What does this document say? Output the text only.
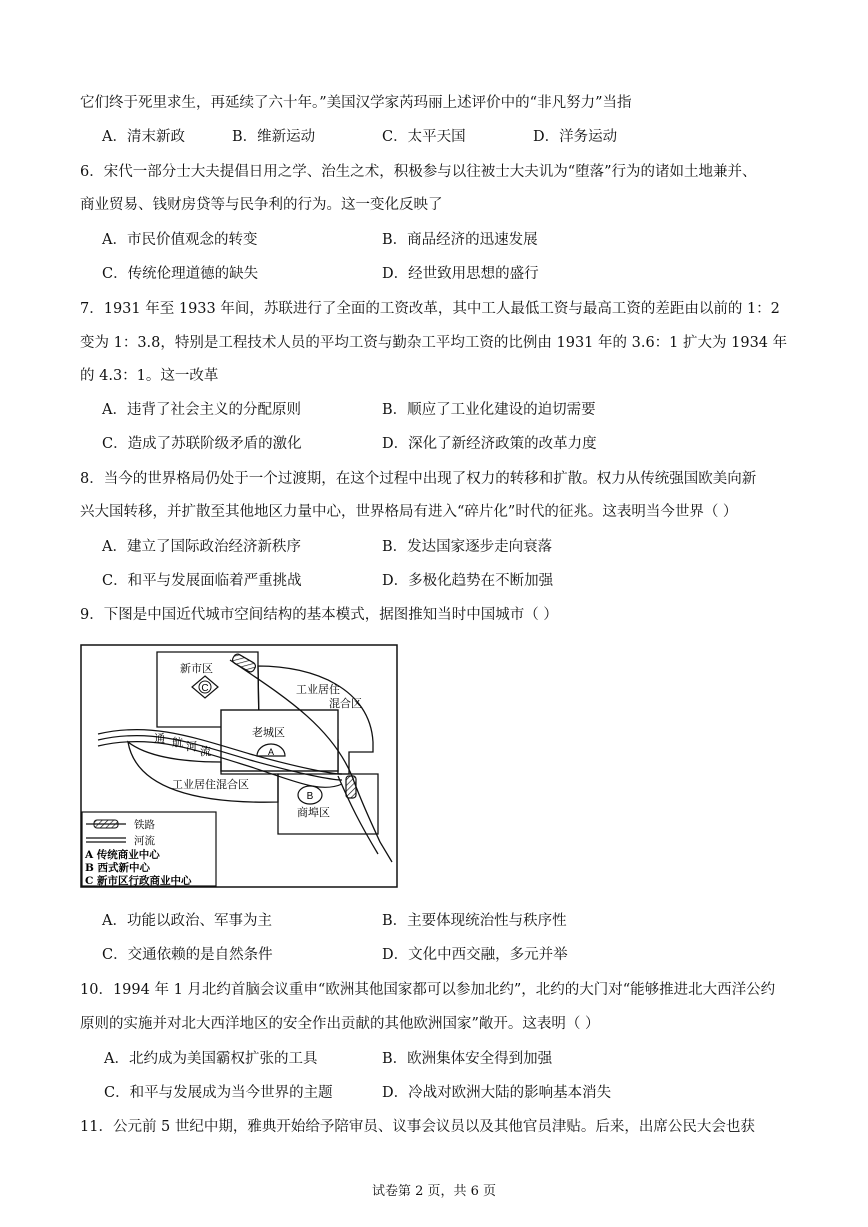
它们终于死里求生，再延续了六十年。”美国汉学家芮玛丽上述评价中的“非凡努力”当指
A．清末新政	B．维新运动	C．太平天国	D．洋务运动
6．宋代一部分士大夫提倡日用之学、治生之术，积极参与以往被士大夫讥为“堕落”行为的诸如土地兼并、
商业贸易、钱财房贷等与民争利的行为。这一变化反映了
A．市民价值观念的转变	B．商品经济的迅速发展
C．传统伦理道德的缺失	D．经世致用思想的盛行
7．1931 年至 1933 年间，苏联进行了全面的工资改革，其中工人最低工资与最高工资的差距由以前的 1：2
变为 1：3.8，特别是工程技术人员的平均工资与勤杂工平均工资的比例由 1931 年的 3.6：1 扩大为 1934 年
的 4.3：1。这一改革
A．违背了社会主义的分配原则	B．顺应了工业化建设的迫切需要
C．造成了苏联阶级矛盾的激化	D．深化了新经济政策的改革力度
8．当今的世界格局仍处于一个过渡期，在这个过程中出现了权力的转移和扩散。权力从传统强国欧美向新
兴大国转移，并扩散至其他地区力量中心，世界格局有进入“碎片化”时代的征兆。这表明当今世界（ ）
A．建立了国际政治经济新秩序	B．发达国家逐步走向衰落
C．和平与发展面临着严重挑战	D．多极化趋势在不断加强
9．下图是中国近代城市空间结构的基本模式，据图推知当时中国城市（ ）
C
A
B
新市区
工业居住
混合区
老城区
通 航 河 流
工业居住混合区
商埠区
铁路
河流
A 传统商业中心
B 西式新中心
C 新市区行政商业中心
A．功能以政治、军事为主	B．主要体现统治性与秩序性
C．交通依赖的是自然条件	D．文化中西交融，多元并举
10．1994 年 1 月北约首脑会议重申“欧洲其他国家都可以参加北约”，北约的大门对“能够推进北大西洋公约
原则的实施并对北大西洋地区的安全作出贡献的其他欧洲国家”敞开。这表明（ ）
A．北约成为美国霸权扩张的工具	B．欧洲集体安全得到加强
C．和平与发展成为当今世界的主题	D．冷战对欧洲大陆的影响基本消失
11．公元前 5 世纪中期，雅典开始给予陪审员、议事会议员以及其他官员津贴。后来，出席公民大会也获
试卷第 2 页，共 6 页
